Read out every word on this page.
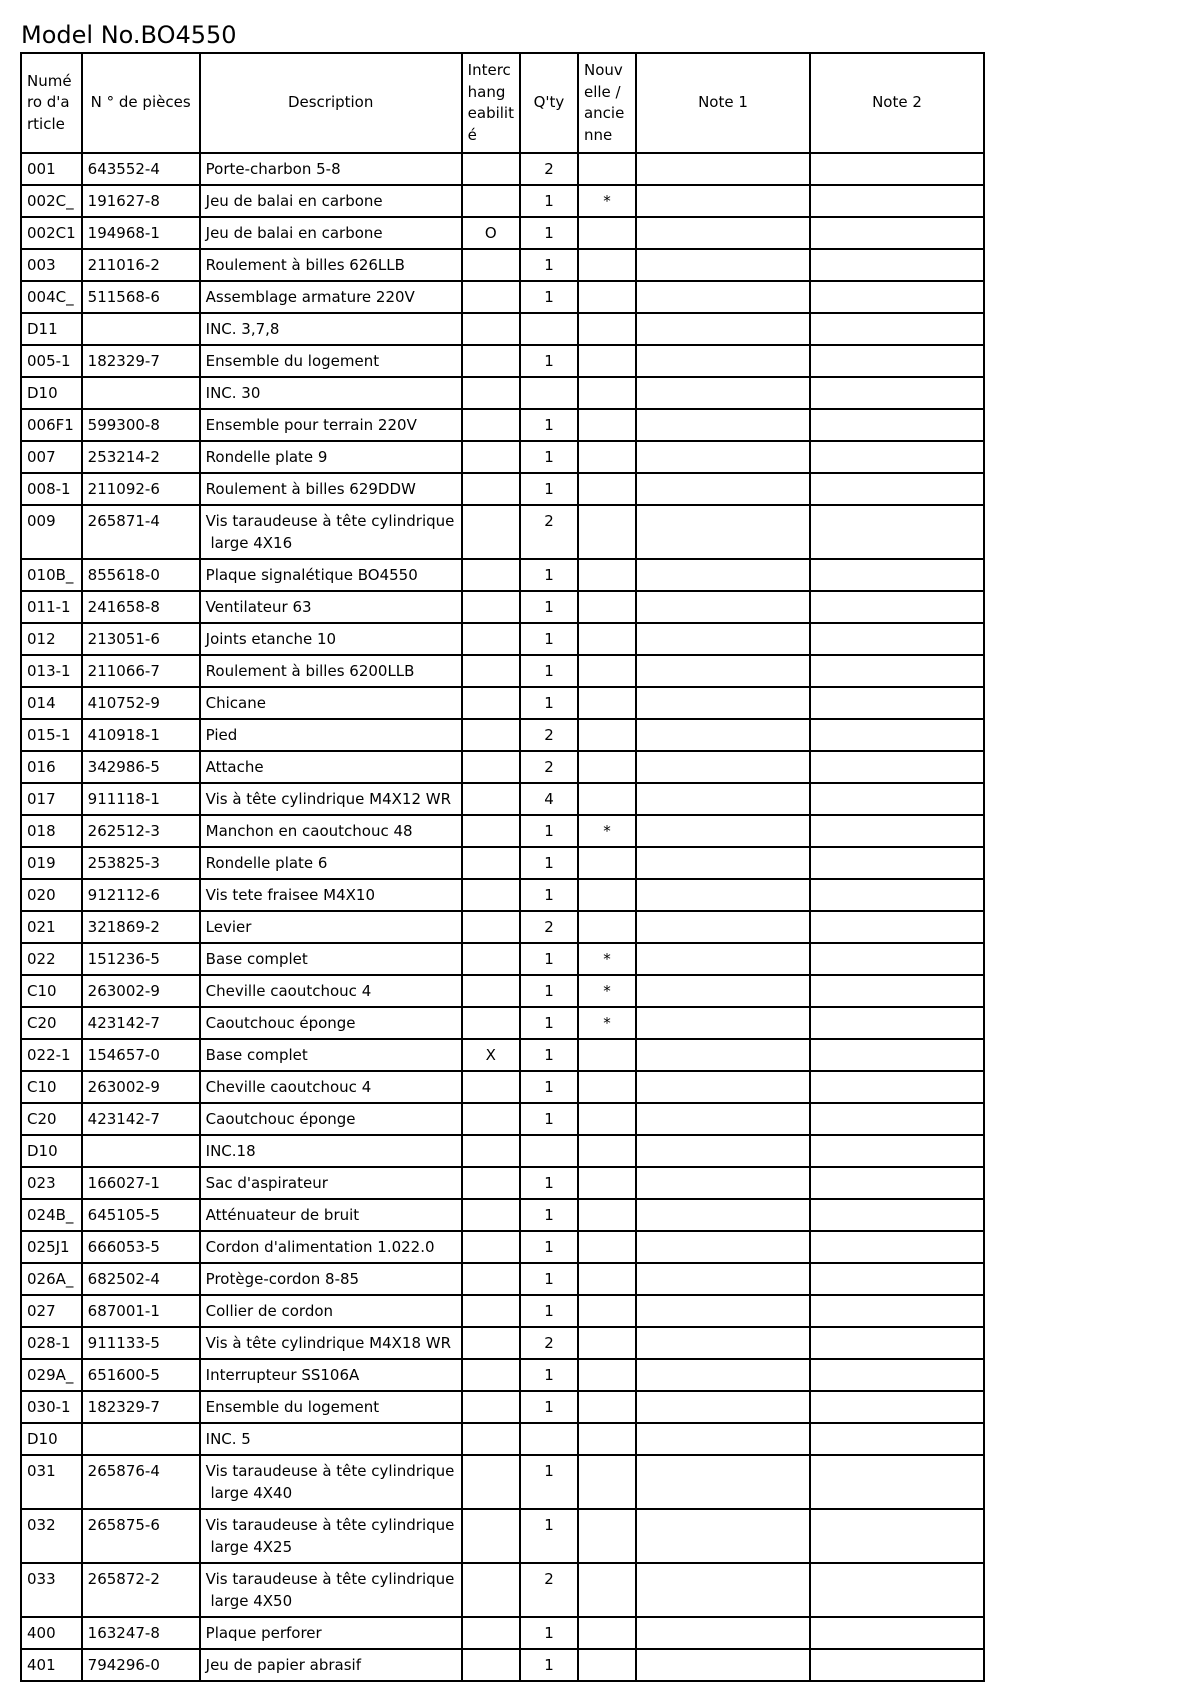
Model No.BO4550
Numé
ro d'a
rticle	N ° de pièces	Description	Interc
hang
eabilit
é	Q'ty	Nouv
elle /
ancie
nne	Note 1	Note 2
001	643552-4	Porte-charbon 5-8		2			
002C_	191627-8	Jeu de balai en carbone		1	*		
002C1	194968-1	Jeu de balai en carbone	O	1			
003	211016-2	Roulement à billes 626LLB		1			
004C_	511568-6	Assemblage armature 220V		1			
D11		INC. 3,7,8					
005-1	182329-7	Ensemble du logement		1			
D10		INC. 30					
006F1	599300-8	Ensemble pour terrain 220V		1			
007	253214-2	Rondelle plate 9		1			
008-1	211092-6	Roulement à billes 629DDW		1			
009	265871-4	Vis taraudeuse à tête cylindrique
large 4X16		2			
010B_	855618-0	Plaque signalétique BO4550		1			
011-1	241658-8	Ventilateur 63		1			
012	213051-6	Joints etanche 10		1			
013-1	211066-7	Roulement à billes 6200LLB		1			
014	410752-9	Chicane		1			
015-1	410918-1	Pied		2			
016	342986-5	Attache		2			
017	911118-1	Vis à tête cylindrique M4X12 WR		4			
018	262512-3	Manchon en caoutchouc 48		1	*		
019	253825-3	Rondelle plate 6		1			
020	912112-6	Vis tete fraisee M4X10		1			
021	321869-2	Levier		2			
022	151236-5	Base complet		1	*		
C10	263002-9	Cheville caoutchouc 4		1	*		
C20	423142-7	Caoutchouc éponge		1	*		
022-1	154657-0	Base complet	X	1			
C10	263002-9	Cheville caoutchouc 4		1			
C20	423142-7	Caoutchouc éponge		1			
D10		INC.18					
023	166027-1	Sac d'aspirateur		1			
024B_	645105-5	Atténuateur de bruit		1			
025J1	666053-5	Cordon d'alimentation 1.022.0		1			
026A_	682502-4	Protège-cordon 8-85		1			
027	687001-1	Collier de cordon		1			
028-1	911133-5	Vis à tête cylindrique M4X18 WR		2			
029A_	651600-5	Interrupteur SS106A		1			
030-1	182329-7	Ensemble du logement		1			
D10		INC. 5					
031	265876-4	Vis taraudeuse à tête cylindrique
large 4X40		1			
032	265875-6	Vis taraudeuse à tête cylindrique
large 4X25		1			
033	265872-2	Vis taraudeuse à tête cylindrique
large 4X50		2			
400	163247-8	Plaque perforer		1			
401	794296-0	Jeu de papier abrasif		1			
